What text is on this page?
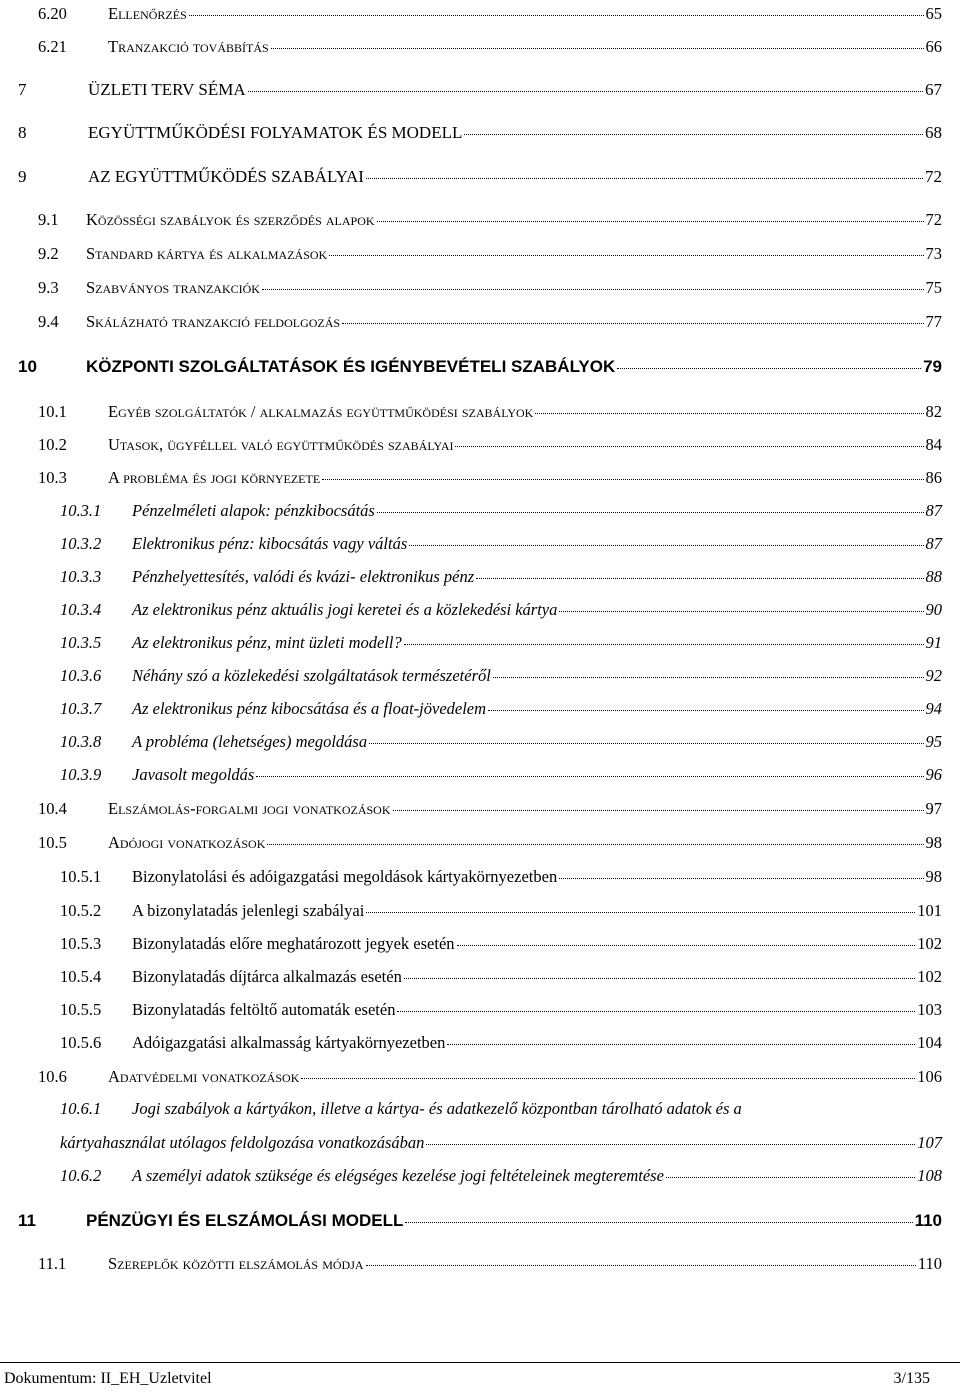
6.20	Ellenőrzés	65
6.21	Tranzakció továbbítás	66
7	ÜZLETI TERV SÉMA	67
8	EGYÜTTMŰKÖDÉSI FOLYAMATOK ÉS MODELL	68
9	AZ EGYÜTTMŰKÖDÉS SZABÁLYAI	72
9.1	Közösségi szabályok és szerződés alapok	72
9.2	Standard kártya és alkalmazások	73
9.3	Szabványos tranzakciók	75
9.4	Skálázható tranzakció feldolgozás	77
10	KÖZPONTI SZOLGÁLTATÁSOK ÉS IGÉNYBEVÉTELI SZABÁLYOK	79
10.1	Egyéb szolgáltatók / alkalmazás együttműködési szabályok	82
10.2	Utasok, ügyféllel való együttműködés szabályai	84
10.3	A probléma és jogi környezete	86
10.3.1	Pénzelméleti alapok: pénzkibocsátás	87
10.3.2	Elektronikus pénz: kibocsátás vagy váltás	87
10.3.3	Pénzhelyettesítés, valódi és kvázi- elektronikus pénz	88
10.3.4	Az elektronikus pénz aktuális jogi keretei és a közlekedési kártya	90
10.3.5	Az elektronikus pénz, mint üzleti modell?	91
10.3.6	Néhány szó a közlekedési szolgáltatások természetéről	92
10.3.7	Az elektronikus pénz kibocsátása és a float-jövedelem	94
10.3.8	A probléma (lehetséges) megoldása	95
10.3.9	Javasolt megoldás	96
10.4	Elszámolás-forgalmi jogi vonatkozások	97
10.5	Adójogi vonatkozások	98
10.5.1	Bizonylatolási és adóigazgatási megoldások kártyakörnyezetben	98
10.5.2	A bizonylatadás jelenlegi szabályai	101
10.5.3	Bizonylatadás előre meghatározott jegyek esetén	102
10.5.4	Bizonylatadás díjtárca alkalmazás esetén	102
10.5.5	Bizonylatadás feltöltő automaták esetén	103
10.5.6	Adóigazgatási alkalmasság kártyakörnyezetben	104
10.6	Adatvédelmi vonatkozások	106
10.6.1 Jogi szabályok a kártyákon, illetve a kártya- és adatkezelő központban tárolható adatok és a
kártyahasználat utólagos feldolgozása vonatkozásában	107
10.6.2	A személyi adatok szüksége és elégséges kezelése jogi feltételeinek megteremtése	108
11	PÉNZÜGYI ÉS ELSZÁMOLÁSI MODELL	110
11.1	Szereplők közötti elszámolás módja	110
Dokumentum: II_EH_Uzletvitel	3/135
